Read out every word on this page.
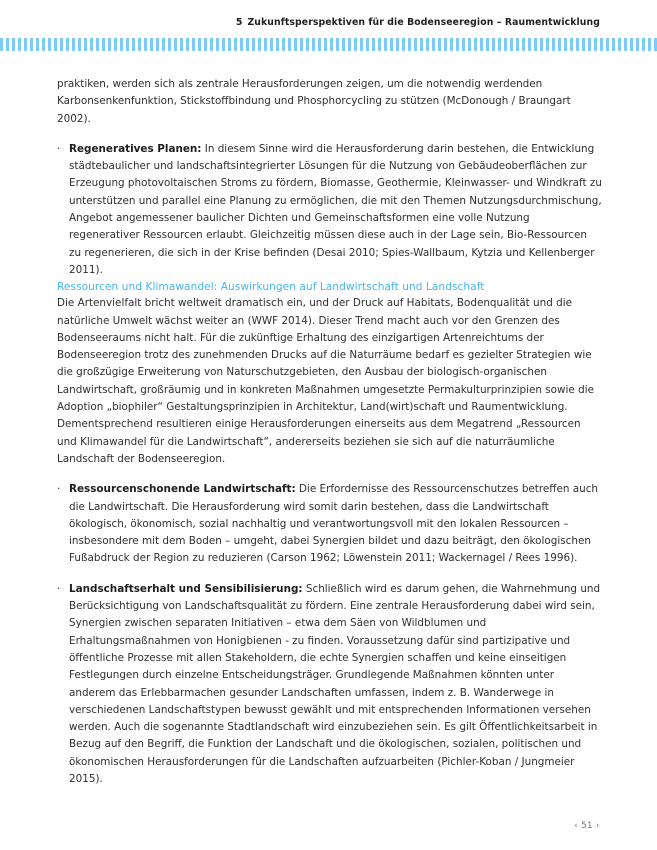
5 Zukunftsperspektiven für die Bodenseeregion – Raumentwicklung

praktiken, werden sich als zentrale Herausforderungen zeigen, um die notwendig werdenden Karbonsenkenfunktion, Stickstoffbindung und Phosphorcycling zu stützen (McDonough / Braungart 2002).

· Regeneratives Planen: In diesem Sinne wird die Herausforderung darin bestehen, die Entwicklung städtebaulicher und landschaftsintegrierter Lösungen für die Nutzung von Gebäudeoberflächen zur Erzeugung photovoltaischen Stroms zu fördern, Biomasse, Geothermie, Kleinwasser- und Windkraft zu unterstützen und parallel eine Planung zu ermöglichen, die mit den Themen Nutzungsdurchmischung, Angebot angemessener baulicher Dichten und Gemeinschaftsformen eine volle Nutzung regenerativer Ressourcen erlaubt. Gleichzeitig müssen diese auch in der Lage sein, Bio-Ressourcen zu regenerieren, die sich in der Krise befinden (Desai 2010; Spies-Wallbaum, Kytzia und Kellenberger 2011).
Ressourcen und Klimawandel: Auswirkungen auf Landwirtschaft und Landschaft

Die Artenvielfalt bricht weltweit dramatisch ein, und der Druck auf Habitats, Bodenqualität und die natürliche Umwelt wächst weiter an (WWF 2014). Dieser Trend macht auch vor den Grenzen des Bodenseeraums nicht halt. Für die zukünftige Erhaltung des einzigartigen Artenreichtums der Bodenseeregion trotz des zunehmenden Drucks auf die Naturräume bedarf es gezielter Strategien wie die großzügige Erweiterung von Naturschutzgebieten, den Ausbau der biologisch-organischen Landwirtschaft, großräumig und in konkreten Maßnahmen umgesetzte Permakulturprinzipien sowie die Adoption „biophiler“ Gestaltungsprinzipien in Architektur, Land(wirt)schaft und Raumentwicklung. Dementsprechend resultieren einige Herausforderungen einerseits aus dem Megatrend „Ressourcen und Klimawandel für die Landwirtschaft“, andererseits beziehen sie sich auf die naturräumliche Landschaft der Bodenseeregion.

· Ressourcenschonende Landwirtschaft: Die Erfordernisse des Ressourcenschutzes betreffen auch die Landwirtschaft. Die Herausforderung wird somit darin bestehen, dass die Landwirtschaft ökologisch, ökonomisch, sozial nachhaltig und verantwortungsvoll mit den lokalen Ressourcen – insbesondere mit dem Boden – umgeht, dabei Synergien bildet und dazu beiträgt, den ökologischen Fußabdruck der Region zu reduzieren (Carson 1962; Löwenstein 2011; Wackernagel / Rees 1996).
· Landschaftserhalt und Sensibilisierung: Schließlich wird es darum gehen, die Wahrnehmung und Berücksichtigung von Landschaftsqualität zu fördern. Eine zentrale Herausforderung dabei wird sein, Synergien zwischen separaten Initiativen – etwa dem Säen von Wildblumen und Erhaltungsmaßnahmen von Honigbienen - zu finden. Voraussetzung dafür sind partizipative und öffentliche Prozesse mit allen Stakeholdern, die echte Synergien schaffen und keine einseitigen Festlegungen durch einzelne Entscheidungsträger. Grundlegende Maßnahmen könnten unter anderem das Erlebbarmachen gesunder Landschaften umfassen, indem z. B. Wanderwege in verschiedenen Landschaftstypen bewusst gewählt und mit entsprechenden Informationen versehen werden. Auch die sogenannte Stadtlandschaft wird einzubeziehen sein. Es gilt Öffentlichkeitsarbeit in Bezug auf den Begriff, die Funktion der Landschaft und die ökologischen, sozialen, politischen und ökonomischen Herausforderungen für die Landschaften aufzuarbeiten (Pichler-Koban / Jungmeier 2015).
‹ 51 ›
